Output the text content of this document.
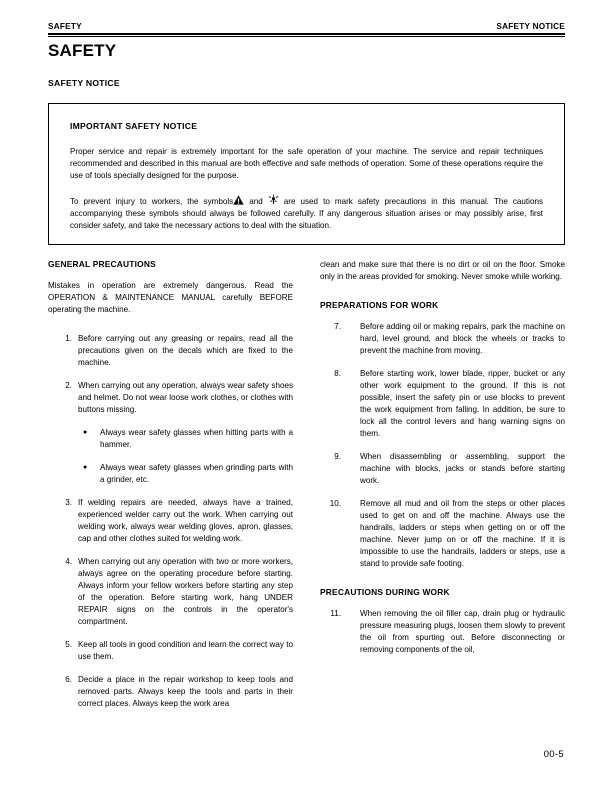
SAFETY	SAFETY NOTICE
SAFETY
SAFETY NOTICE
IMPORTANT SAFETY NOTICE

Proper service and repair is extremely important for the safe operation of your machine. The service and repair techniques recommended and described in this manual are both effective and safe methods of operation. Some of these operations require the use of tools specially designed for the purpose.

To prevent injury to workers, the symbols and	are used to mark safety precautions in this manual. The cautions accompanying these symbols should always be followed carefully. If any dangerous situation arises or may possibly arise, first consider safety, and take the necessary actions to deal with the situation.

GENERAL PRECAUTIONS

Mistakes in operation are extremely dangerous. Read the OPERATION & MAINTENANCE MANUAL carefully BEFORE operating the machine.

1. Before carrying out any greasing or repairs, read all the precautions given on the decals which are fixed to the machine.
2. When carrying out any operation, always wear safety shoes and helmet. Do not wear loose work clothes, or clothes with buttons missing.
●	Always wear safety glasses when hitting parts with a hammer.
●	Always wear safety glasses when grinding parts with a grinder, etc.
3. If welding repairs are needed, always have a trained, experienced welder carry out the work. When carrying out welding work, always wear welding gloves, apron, glasses, cap and other clothes suited for welding work.
4. When carrying out any operation with two or more workers, always agree on the operating procedure before starting. Always inform your fellow workers before starting any step of the operation. Before starting work, hang UNDER REPAIR signs on the controls in the operator's compartment.
5. Keep all tools in good condition and learn the correct way to use them.
6. Decide a place in the repair workshop to keep tools and removed parts. Always keep the tools and parts in their correct places. Always keep the work area

clean and make sure that there is no dirt or oil on the floor. Smoke only in the areas provided for smoking. Never smoke while working.

PREPARATIONS FOR WORK
7. Before adding oil or making repairs, park the machine on hard, level ground, and block the wheels or tracks to prevent the machine from moving.
8. Before starting work, lower blade, ripper, bucket or any other work equipment to the ground. If this is not possible, insert the safety pin or use blocks to prevent the work equipment from falling. In addition, be sure to lock all the control levers and hang warning signs on them.
9. When disassembling or assembling, support the machine with blocks, jacks or stands before starting work.
10. Remove all mud and oil from the steps or other places used to get on and off the machine. Always use the handrails, ladders or steps when getting on or off the machine. Never jump on or off the machine. If it is impossible to use the handrails, ladders or steps, use a stand to provide safe footing.
PRECAUTIONS DURING WORK
11. When removing the oil filler cap, drain plug or hydraulic pressure measuring plugs, loosen them slowly to prevent the oil from spurting out. Before disconnecting or removing components of the oil,
00-5
